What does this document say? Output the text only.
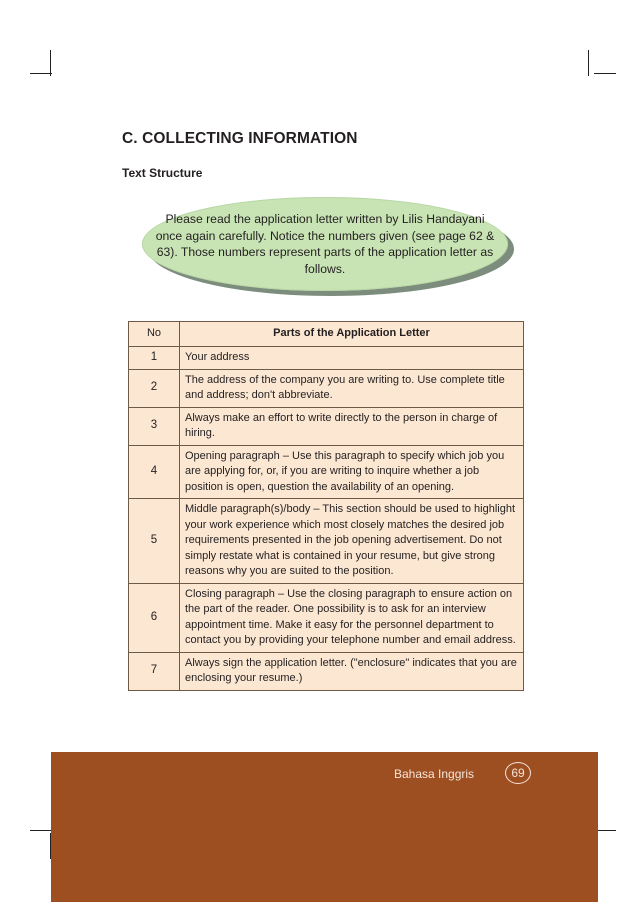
C. COLLECTING INFORMATION
Text Structure

Please read the application letter written by Lilis Handayani once again carefully. Notice the numbers given (see page 62 & 63). Those numbers represent parts of the application letter as follows.

No	Parts of the Application Letter
1	Your address
2	The address of the company you are writing to. Use complete title and address; don't abbreviate.
3	Always make an effort to write directly to the person in charge of hiring.
4	Opening paragraph – Use this paragraph to specify which job you are applying for, or, if you are writing to inquire whether a job position is open, question the availability of an opening.
5	Middle paragraph(s)/body – This section should be used to highlight your work experience which most closely matches the desired job requirements presented in the job opening advertisement. Do not simply restate what is contained in your resume, but give strong reasons why you are suited to the position.
6	Closing paragraph – Use the closing paragraph to ensure action on the part of the reader. One possibility is to ask for an interview appointment time. Make it easy for the personnel department to contact you by providing your telephone number and email address.
7	Always sign the application letter. ("enclosure" indicates that you are enclosing your resume.)
Bahasa Inggris	69
